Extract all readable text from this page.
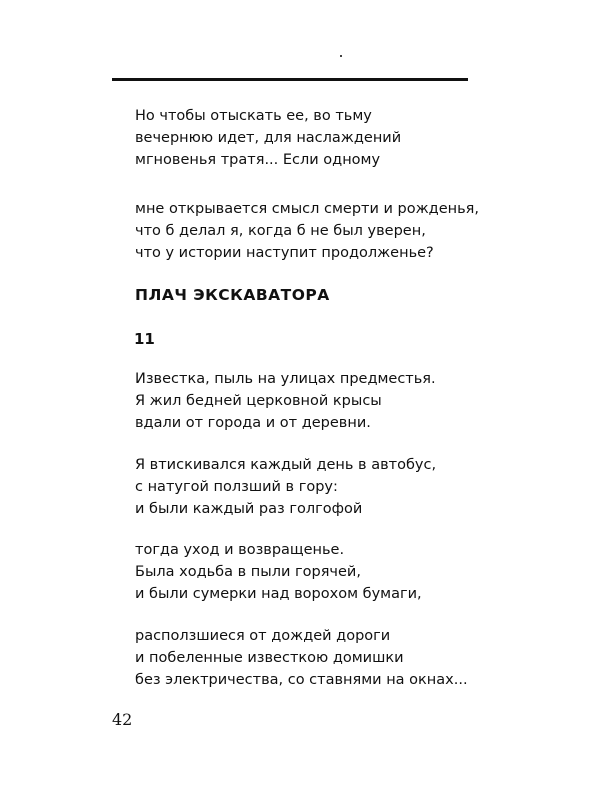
Но чтобы отыскать ее, во тьму
вечернюю идет, для наслаждений
мгновенья тратя... Если одному
мне открывается смысл смерти и рожденья,
что б делал я, когда б не был уверен,
что у истории наступит продолженье?
ПЛАЧ ЭКСКАВАТОРА
11
Известка, пыль на улицах предместья.
Я жил бедней церковной крысы
вдали от города и от деревни.
Я втискивался каждый день в автобус,
с натугой ползший в гору:
и были каждый раз голгофой
тогда уход и возвращенье.
Была ходьба в пыли горячей,
и были сумерки над ворохом бумаги,
расползшиеся от дождей дороги
и побеленные известкою домишки
без электричества, со ставнями на окнах...
42
